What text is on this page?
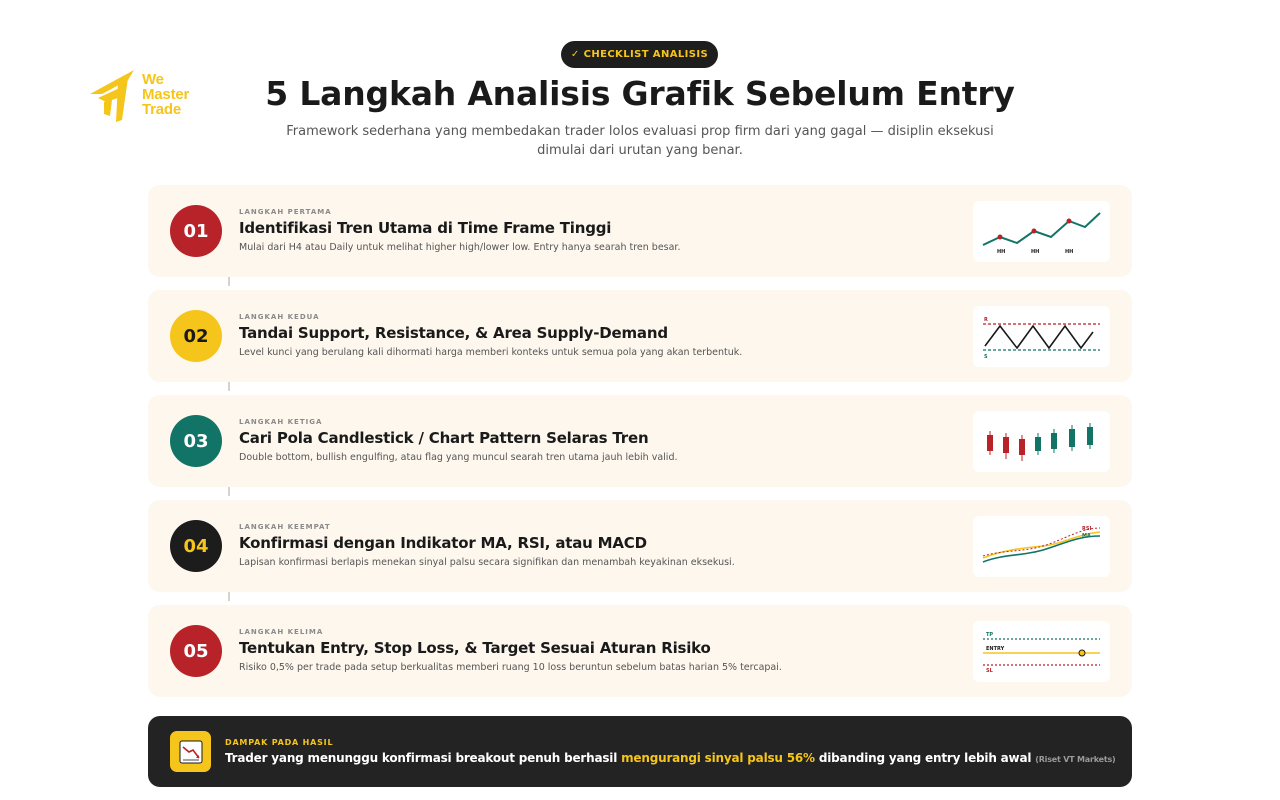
We
Master
Trade
✓ CHECKLIST ANALISIS
5 Langkah Analisis Grafik Sebelum Entry

Framework sederhana yang membedakan trader lolos evaluasi prop firm dari yang gagal — disiplin eksekusi dimulai dari urutan yang benar.

01
LANGKAH PERTAMA
Identifikasi Tren Utama di Time Frame Tinggi
Mulai dari H4 atau Daily untuk melihat higher high/lower low. Entry hanya searah tren besar.	HH	HH	HH
02
LANGKAH KEDUA
Tandai Support, Resistance, & Area Supply-Demand
Level kunci yang berulang kali dihormati harga memberi konteks untuk semua pola yang akan terbentuk.
R
S
03
LANGKAH KETIGA
Cari Pola Candlestick / Chart Pattern Selaras Tren
Double bottom, bullish engulfing, atau flag yang muncul searah tren utama jauh lebih valid.
04
LANGKAH KEEMPAT
Konfirmasi dengan Indikator MA, RSI, atau MACD
Lapisan konfirmasi berlapis menekan sinyal palsu secara signifikan dan menambah keyakinan eksekusi.
RSI
MA
05
LANGKAH KELIMA
Tentukan Entry, Stop Loss, & Target Sesuai Aturan Risiko
Risiko 0,5% per trade pada setup berkualitas memberi ruang 10 loss beruntun sebelum batas harian 5% tercapai.
TP
ENTRY
SL
DAMPAK PADA HASIL
Trader yang menunggu konfirmasi breakout penuh berhasil mengurangi sinyal palsu 56% dibanding yang entry lebih awal (Riset VT Markets)
